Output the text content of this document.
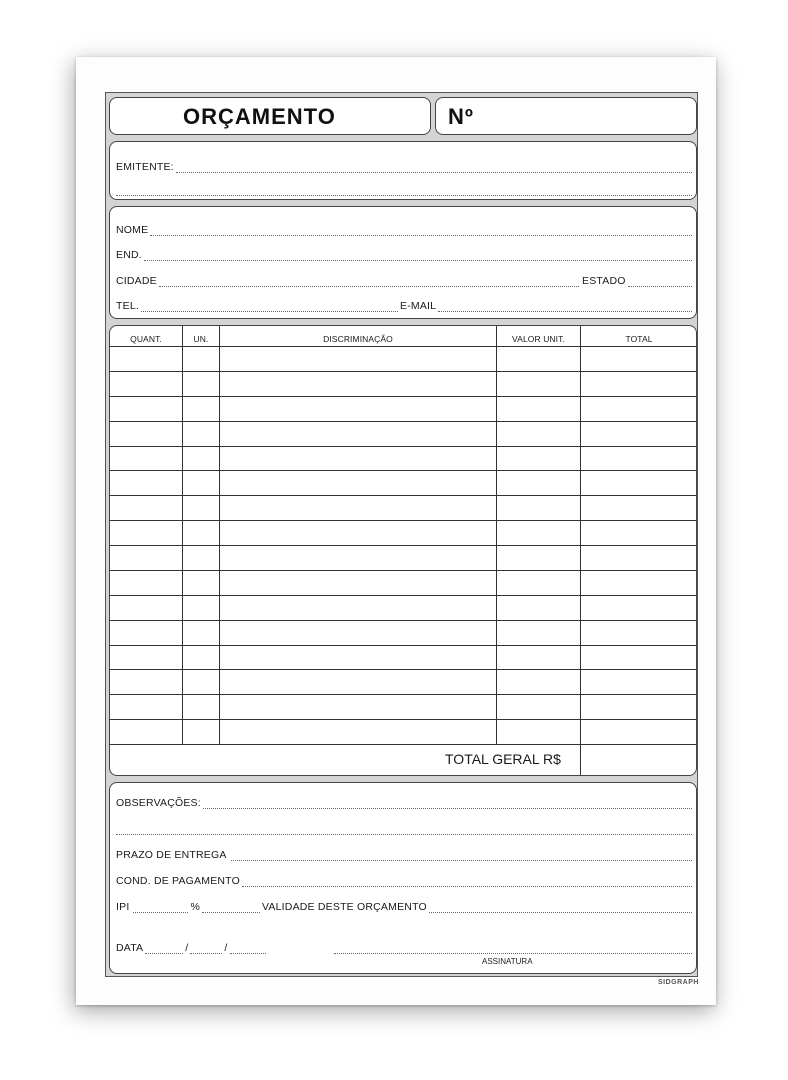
ORÇAMENTO	Nº
EMITENTE:
NOME
END.
CIDADE	ESTADO
TEL.	E-MAIL
QUANT.	UN.	DISCRIMINAÇÃO	VALOR UNIT.	TOTAL
TOTAL GERAL R$
OBSERVAÇÕES:
PRAZO DE ENTREGA
COND. DE PAGAMENTO
IPI	%	VALIDADE DESTE ORÇAMENTO
DATA	/	/
ASSINATURA
SIDGRAPH
